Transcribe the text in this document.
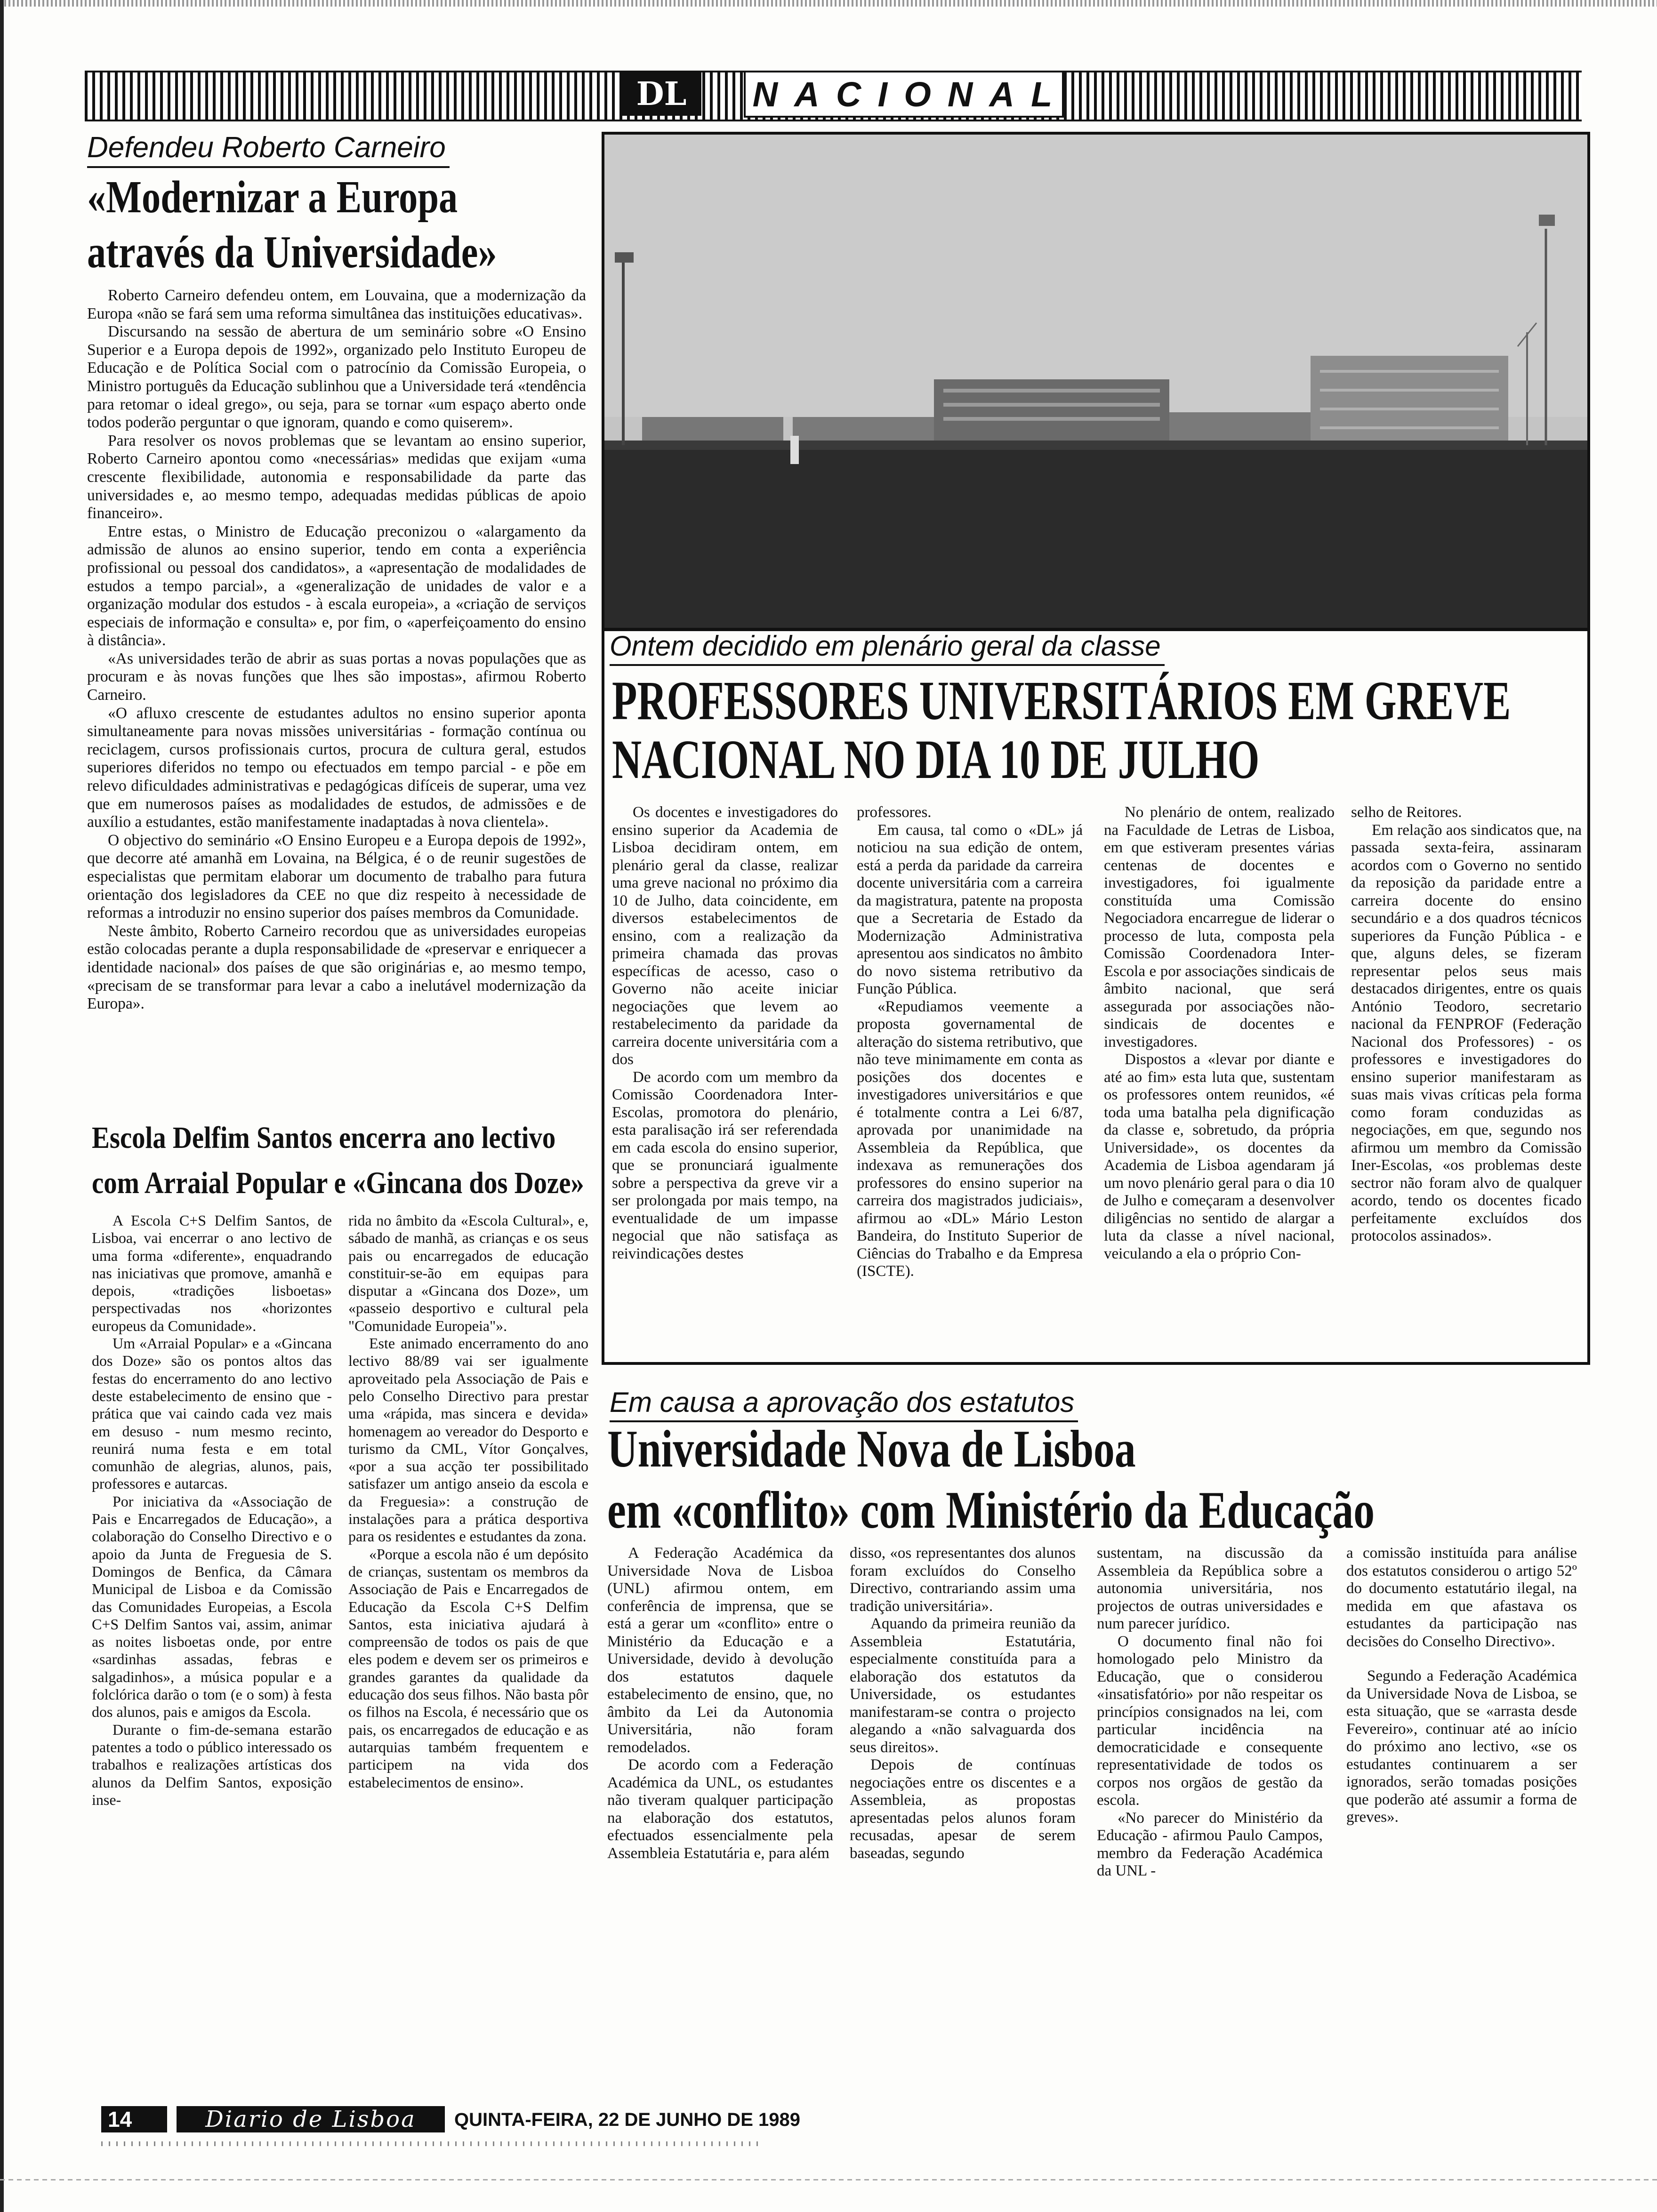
DL	N A C I O N A L
Defendeu Roberto Carneiro
«Modernizar a Europa
através da Universidade»

Roberto Carneiro defendeu ontem, em Louvaina, que a modernização da Europa «não se fará sem uma reforma simultânea das instituições educativas».

Discursando na sessão de abertura de um seminário sobre «O Ensino Superior e a Europa depois de 1992», organizado pelo Instituto Europeu de Educação e de Política Social com o patrocínio da Comissão Europeia, o Ministro português da Educação sublinhou que a Universidade terá «tendência para retomar o ideal grego», ou seja, para se tornar «um espaço aberto onde todos poderão perguntar o que ignoram, quando e como quiserem».

Para resolver os novos problemas que se levantam ao ensino superior, Roberto Carneiro apontou como «necessárias» medidas que exijam «uma crescente flexibilidade, autonomia e responsabilidade da parte das universidades e, ao mesmo tempo, adequadas medidas públicas de apoio financeiro».

Entre estas, o Ministro de Educação preconizou o «alargamento da admissão de alunos ao ensino superior, tendo em conta a experiência profissional ou pessoal dos candidatos», a «apresentação de modalidades de estudos a tempo parcial», a «generalização de unidades de valor e a organização modular dos estudos - à escala europeia», a «criação de serviços especiais de informação e consulta» e, por fim, o «aperfeiçoamento do ensino à distância».

«As universidades terão de abrir as suas portas a novas populações que as procuram e às novas funções que lhes são impostas», afirmou Roberto Carneiro.

«O afluxo crescente de estudantes adultos no ensino superior aponta simultaneamente para novas missões universitárias - formação contínua ou reciclagem, cursos profissionais curtos, procura de cultura geral, estudos superiores diferidos no tempo ou efectuados em tempo parcial - e põe em relevo dificuldades administrativas e pedagógicas difíceis de superar, uma vez que em numerosos países as modalidades de estudos, de admissões e de auxílio a estudantes, estão manifestamente inadaptadas à nova clientela».

O objectivo do seminário «O Ensino Europeu e a Europa depois de 1992», que decorre até amanhã em Lovaina, na Bélgica, é o de reunir sugestões de especialistas que permitam elaborar um documento de trabalho para futura orientação dos legisladores da CEE no que diz respeito à necessidade de reformas a introduzir no ensino superior dos países membros da Comunidade.

Neste âmbito, Roberto Carneiro recordou que as universidades europeias estão colocadas perante a dupla responsabilidade de «preservar e enriquecer a identidade nacional» dos países de que são originárias e, ao mesmo tempo, «precisam de se transformar para levar a cabo a inelutável modernização da Europa».

Escola Delfim Santos encerra ano lectivo
com Arraial Popular e «Gincana dos Doze»

A Escola C+S Delfim Santos, de Lisboa, vai encerrar o ano lectivo de uma forma «diferente», enquadrando nas iniciativas que promove, amanhã e depois, «tradições lisboetas» perspectivadas nos «horizontes europeus da Comunidade».

Um «Arraial Popular» e a «Gincana dos Doze» são os pontos altos das festas do encerramento do ano lectivo deste estabelecimento de ensino que - prática que vai caindo cada vez mais em desuso - num mesmo recinto, reunirá numa festa e em total comunhão de alegrias, alunos, pais, professores e autarcas.

Por iniciativa da «Associação de Pais e Encarregados de Educação», a colaboração do Conselho Directivo e o apoio da Junta de Freguesia de S. Domingos de Benfica, da Câmara Municipal de Lisboa e da Comissão das Comunidades Europeias, a Escola C+S Delfim Santos vai, assim, animar as noites lisboetas onde, por entre «sardinhas assadas, febras e salgadinhos», a música popular e a folclórica darão o tom (e o som) à festa dos alunos, pais e amigos da Escola.

Durante o fim-de-semana estarão patentes a todo o público interessado os trabalhos e realizações artísticas dos alunos da Delfim Santos, exposição inse-

rida no âmbito da «Escola Cultural», e, sábado de manhã, as crianças e os seus pais ou encarregados de educação constituir-se-ão em equipas para disputar a «Gincana dos Doze», um «passeio desportivo e cultural pela "Comunidade Europeia"».

Este animado encerramento do ano lectivo 88/89 vai ser igualmente aproveitado pela Associação de Pais e pelo Conselho Directivo para prestar uma «rápida, mas sincera e devida» homenagem ao vereador do Desporto e turismo da CML, Vítor Gonçalves, «por a sua acção ter possibilitado satisfazer um antigo anseio da escola e da Freguesia»: a construção de instalações para a prática desportiva para os residentes e estudantes da zona.

«Porque a escola não é um depósito de crianças, sustentam os membros da Associação de Pais e Encarregados de Educação da Escola C+S Delfim Santos, esta iniciativa ajudará à compreensão de todos os pais de que eles podem e devem ser os primeiros e grandes garantes da qualidade da educação dos seus filhos. Não basta pôr os filhos na Escola, é necessário que os pais, os encarregados de educação e as autarquias também frequentem e participem na vida dos estabelecimentos de ensino».

Ontem decidido em plenário geral da classe
PROFESSORES UNIVERSITÁRIOS EM GREVE
NACIONAL NO DIA 10 DE JULHO

Os docentes e investigadores do ensino superior da Academia de Lisboa decidiram ontem, em plenário geral da classe, realizar uma greve nacional no próximo dia 10 de Julho, data coincidente, em diversos estabelecimentos de ensino, com a realização da primeira chamada das provas específicas de acesso, caso o Governo não aceite iniciar negociações que levem ao restabelecimento da paridade da carreira docente universitária com a dos

De acordo com um membro da Comissão Coordenadora Inter-Escolas, promotora do plenário, esta paralisação irá ser referendada em cada escola do ensino superior, que se pronunciará igualmente sobre a perspectiva da greve vir a ser prolongada por mais tempo, na eventualidade de um impasse negocial que não satisfaça as reivindicações destes

professores.

Em causa, tal como o «DL» já noticiou na sua edição de ontem, está a perda da paridade da carreira docente universitária com a carreira da magistratura, patente na proposta que a Secretaria de Estado da Modernização Administrativa apresentou aos sindicatos no âmbito do novo sistema retributivo da Função Pública.

«Repudiamos veemente a proposta governamental de alteração do sistema retributivo, que não teve minimamente em conta as posições dos docentes e investigadores universitários e que é totalmente contra a Lei 6/87, aprovada por unanimidade na Assembleia da República, que indexava as remunerações dos professores do ensino superior na carreira dos magistrados judiciais», afirmou ao «DL» Mário Leston Bandeira, do Instituto Superior de Ciências do Trabalho e da Empresa (ISCTE).

No plenário de ontem, realizado na Faculdade de Letras de Lisboa, em que estiveram presentes várias centenas de docentes e investigadores, foi igualmente constituída uma Comissão Negociadora encarregue de liderar o processo de luta, composta pela Comissão Coordenadora Inter-Escola e por associações sindicais de âmbito nacional, que será assegurada por associações não-sindicais de docentes e investigadores.

Dispostos a «levar por diante e até ao fim» esta luta que, sustentam os professores ontem reunidos, «é toda uma batalha pela dignificação da classe e, sobretudo, da própria Universidade», os docentes da Academia de Lisboa agendaram já um novo plenário geral para o dia 10 de Julho e começaram a desenvolver diligências no sentido de alargar a luta da classe a nível nacional, veiculando a ela o próprio Con-

selho de Reitores.

Em relação aos sindicatos que, na passada sexta-feira, assinaram acordos com o Governo no sentido da reposição da paridade entre a carreira docente do ensino secundário e a dos quadros técnicos superiores da Função Pública - e que, alguns deles, se fizeram representar pelos seus mais destacados dirigentes, entre os quais António Teodoro, secretario nacional da FENPROF (Federação Nacional dos Professores) - os professores e investigadores do ensino superior manifestaram as suas mais vivas críticas pela forma como foram conduzidas as negociações, em que, segundo nos afirmou um membro da Comissão Iner-Escolas, «os problemas deste sectror não foram alvo de qualquer acordo, tendo os docentes ficado perfeitamente excluídos dos protocolos assinados».

Em causa a aprovação dos estatutos
Universidade Nova de Lisboa
em «conflito» com Ministério da Educação

A Federação Académica da Universidade Nova de Lisboa (UNL) afirmou ontem, em conferência de imprensa, que se está a gerar um «conflito» entre o Ministério da Educação e a Universidade, devido à devolução dos estatutos daquele estabelecimento de ensino, que, no âmbito da Lei da Autonomia Universitária, não foram remodelados.

De acordo com a Federação Académica da UNL, os estudantes não tiveram qualquer participação na elaboração dos estatutos, efectuados essencialmente pela Assembleia Estatutária e, para além

disso, «os representantes dos alunos foram excluídos do Conselho Directivo, contrariando assim uma tradição universitária».

Aquando da primeira reunião da Assembleia Estatutária, especialmente constituída para a elaboração dos estatutos da Universidade, os estudantes manifestaram-se contra o projecto alegando a «não salvaguarda dos seus direitos».

Depois de contínuas negociações entre os discentes e a Assembleia, as propostas apresentadas pelos alunos foram recusadas, apesar de serem baseadas, segundo

sustentam, na discussão da Assembleia da República sobre a autonomia universitária, nos projectos de outras universidades e num parecer jurídico.

O documento final não foi homologado pelo Ministro da Educação, que o considerou «insatisfatório» por não respeitar os princípios consignados na lei, com particular incidência na democraticidade e consequente representatividade de todos os corpos nos orgãos de gestão da escola.

«No parecer do Ministério da Educação - afirmou Paulo Campos, membro da Federação Académica da UNL -

a comissão instituída para análise dos estatutos considerou o artigo 52º do documento estatutário ilegal, na medida em que afastava os estudantes da participação nas decisões do Conselho Directivo».

Segundo a Federação Académica da Universidade Nova de Lisboa, se esta situação, que se «arrasta desde Fevereiro», continuar até ao início do próximo ano lectivo, «se os estudantes continuarem a ser ignorados, serão tomadas posições que poderão até assumir a forma de greves».

14	Diario de Lisboa	QUINTA-FEIRA, 22 DE JUNHO DE 1989
